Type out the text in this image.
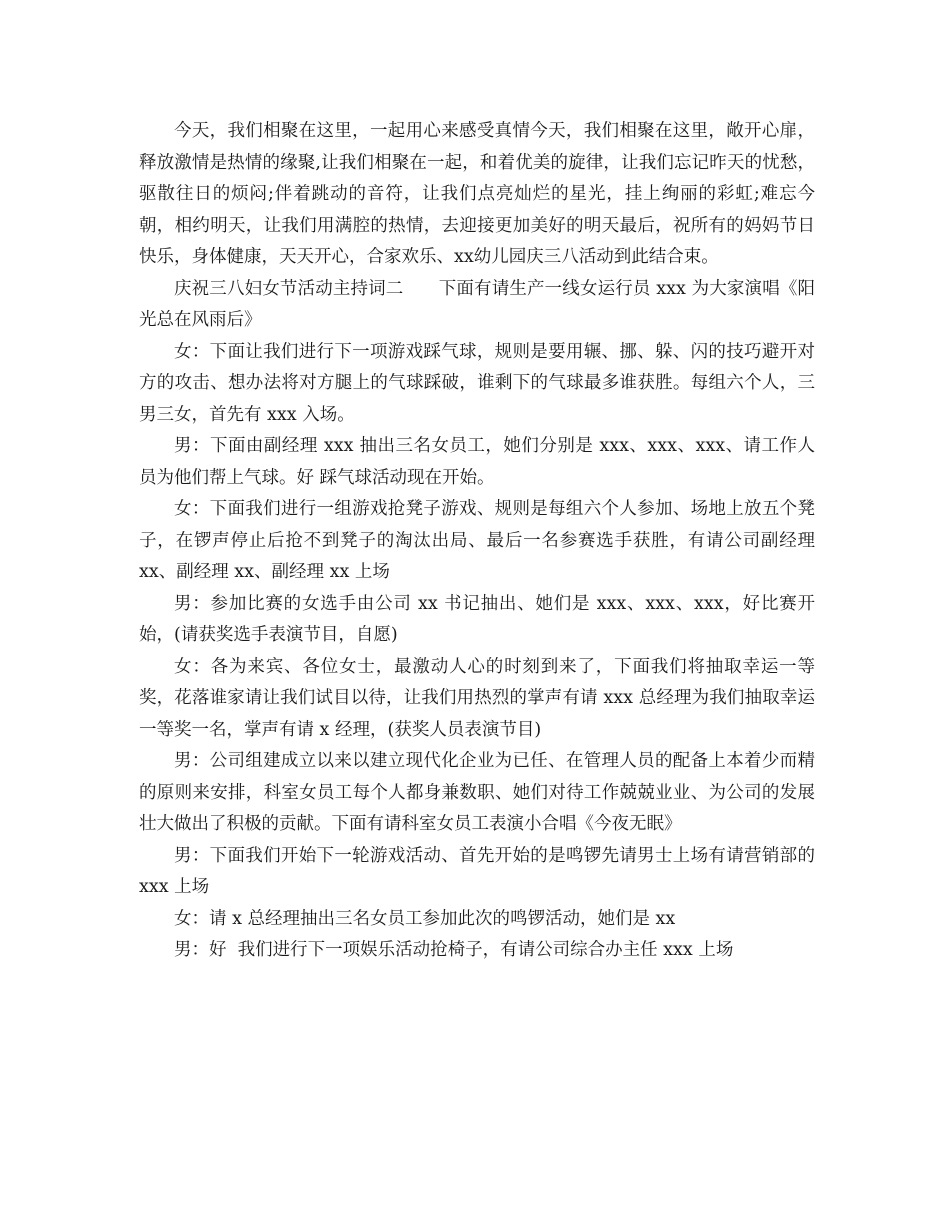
今天，我们相聚在这里，一起用心来感受真情今天，我们相聚在这里，敞开心扉，释放激情是热情的缘聚,让我们相聚在一起，和着优美的旋律，让我们忘记昨天的忧愁，驱散往日的烦闷;伴着跳动的音符，让我们点亮灿烂的星光，挂上绚丽的彩虹;难忘今朝，相约明天，让我们用满腔的热情，去迎接更加美好的明天最后，祝所有的妈妈节日快乐，身体健康，天天开心，合家欢乐、xx幼儿园庆三八活动到此结合束。

庆祝三八妇女节活动主持词二　　下面有请生产一线女运行员 xxx 为大家演唱《阳光总在风雨后》

女：下面让我们进行下一项游戏踩气球，规则是要用辗、挪、躲、闪的技巧避开对方的攻击、想办法将对方腿上的气球踩破，谁剩下的气球最多谁获胜。每组六个人，三男三女，首先有 xxx 入场。

男：下面由副经理 xxx 抽出三名女员工，她们分别是 xxx、xxx、xxx、请工作人员为他们帮上气球。好 踩气球活动现在开始。

女：下面我们进行一组游戏抢凳子游戏、规则是每组六个人参加、场地上放五个凳子，在锣声停止后抢不到凳子的淘汰出局、最后一名参赛选手获胜，有请公司副经理 xx、副经理 xx、副经理 xx 上场

男：参加比赛的女选手由公司 xx 书记抽出、她们是 xxx、xxx、xxx，好比赛开始，(请获奖选手表演节目，自愿)

女：各为来宾、各位女士，最激动人心的时刻到来了，下面我们将抽取幸运一等奖，花落谁家请让我们试目以待，让我们用热烈的掌声有请 xxx 总经理为我们抽取幸运一等奖一名，掌声有请 x 经理，(获奖人员表演节目)

男：公司组建成立以来以建立现代化企业为已任、在管理人员的配备上本着少而精的原则来安排，科室女员工每个人都身兼数职、她们对待工作兢兢业业、为公司的发展壮大做出了积极的贡献。下面有请科室女员工表演小合唱《今夜无眠》

男：下面我们开始下一轮游戏活动、首先开始的是鸣锣先请男士上场有请营销部的 xxx 上场

女：请 x 总经理抽出三名女员工参加此次的鸣锣活动，她们是 xx

男：好  我们进行下一项娱乐活动抢椅子，有请公司综合办主任 xxx 上场
